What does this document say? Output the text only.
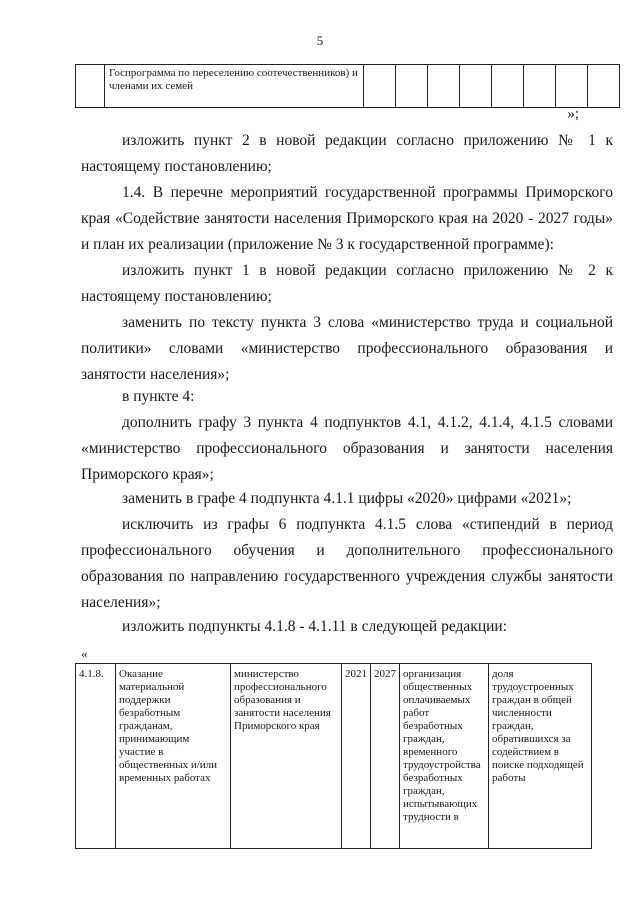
5
	Госпрограмма по переселению соотечественников) и членами их семей								
»;

изложить пункт 2 в новой редакции согласно приложению № 1 к настоящему постановлению;

1.4. В перечне мероприятий государственной программы Приморского края «Содействие занятости населения Приморского края на 2020 - 2027 годы» и план их реализации (приложение № 3 к государственной программе):

изложить пункт 1 в новой редакции согласно приложению № 2 к настоящему постановлению;

заменить по тексту пункта 3 слова «министерство труда и социальной политики» словами «министерство профессионального образования и занятости населения»;

в пункте 4:

дополнить графу 3 пункта 4 подпунктов 4.1, 4.1.2, 4.1.4, 4.1.5 словами «министерство профессионального образования и занятости населения Приморского края»;

заменить в графе 4 подпункта 4.1.1 цифры «2020» цифрами «2021»;

исключить из графы 6 подпункта 4.1.5 слова «стипендий в период профессионального обучения и дополнительного профессионального образования по направлению государственного учреждения службы занятости населения»;

изложить подпункты 4.1.8 - 4.1.11 в следующей редакции:

«
4.1.8.	Оказание материальной поддержки безработным гражданам, принимающим участие в общественных и/или временных работах	министерство профессионального образования и занятости населения Приморского края	2021	2027	организация общественных оплачиваемых работ безработных граждан, временного трудоустройства безработных граждан, испытывающих трудности в	доля трудоустроенных граждан в общей численности граждан, обратившихся за содействием в поиске подходящей работы
